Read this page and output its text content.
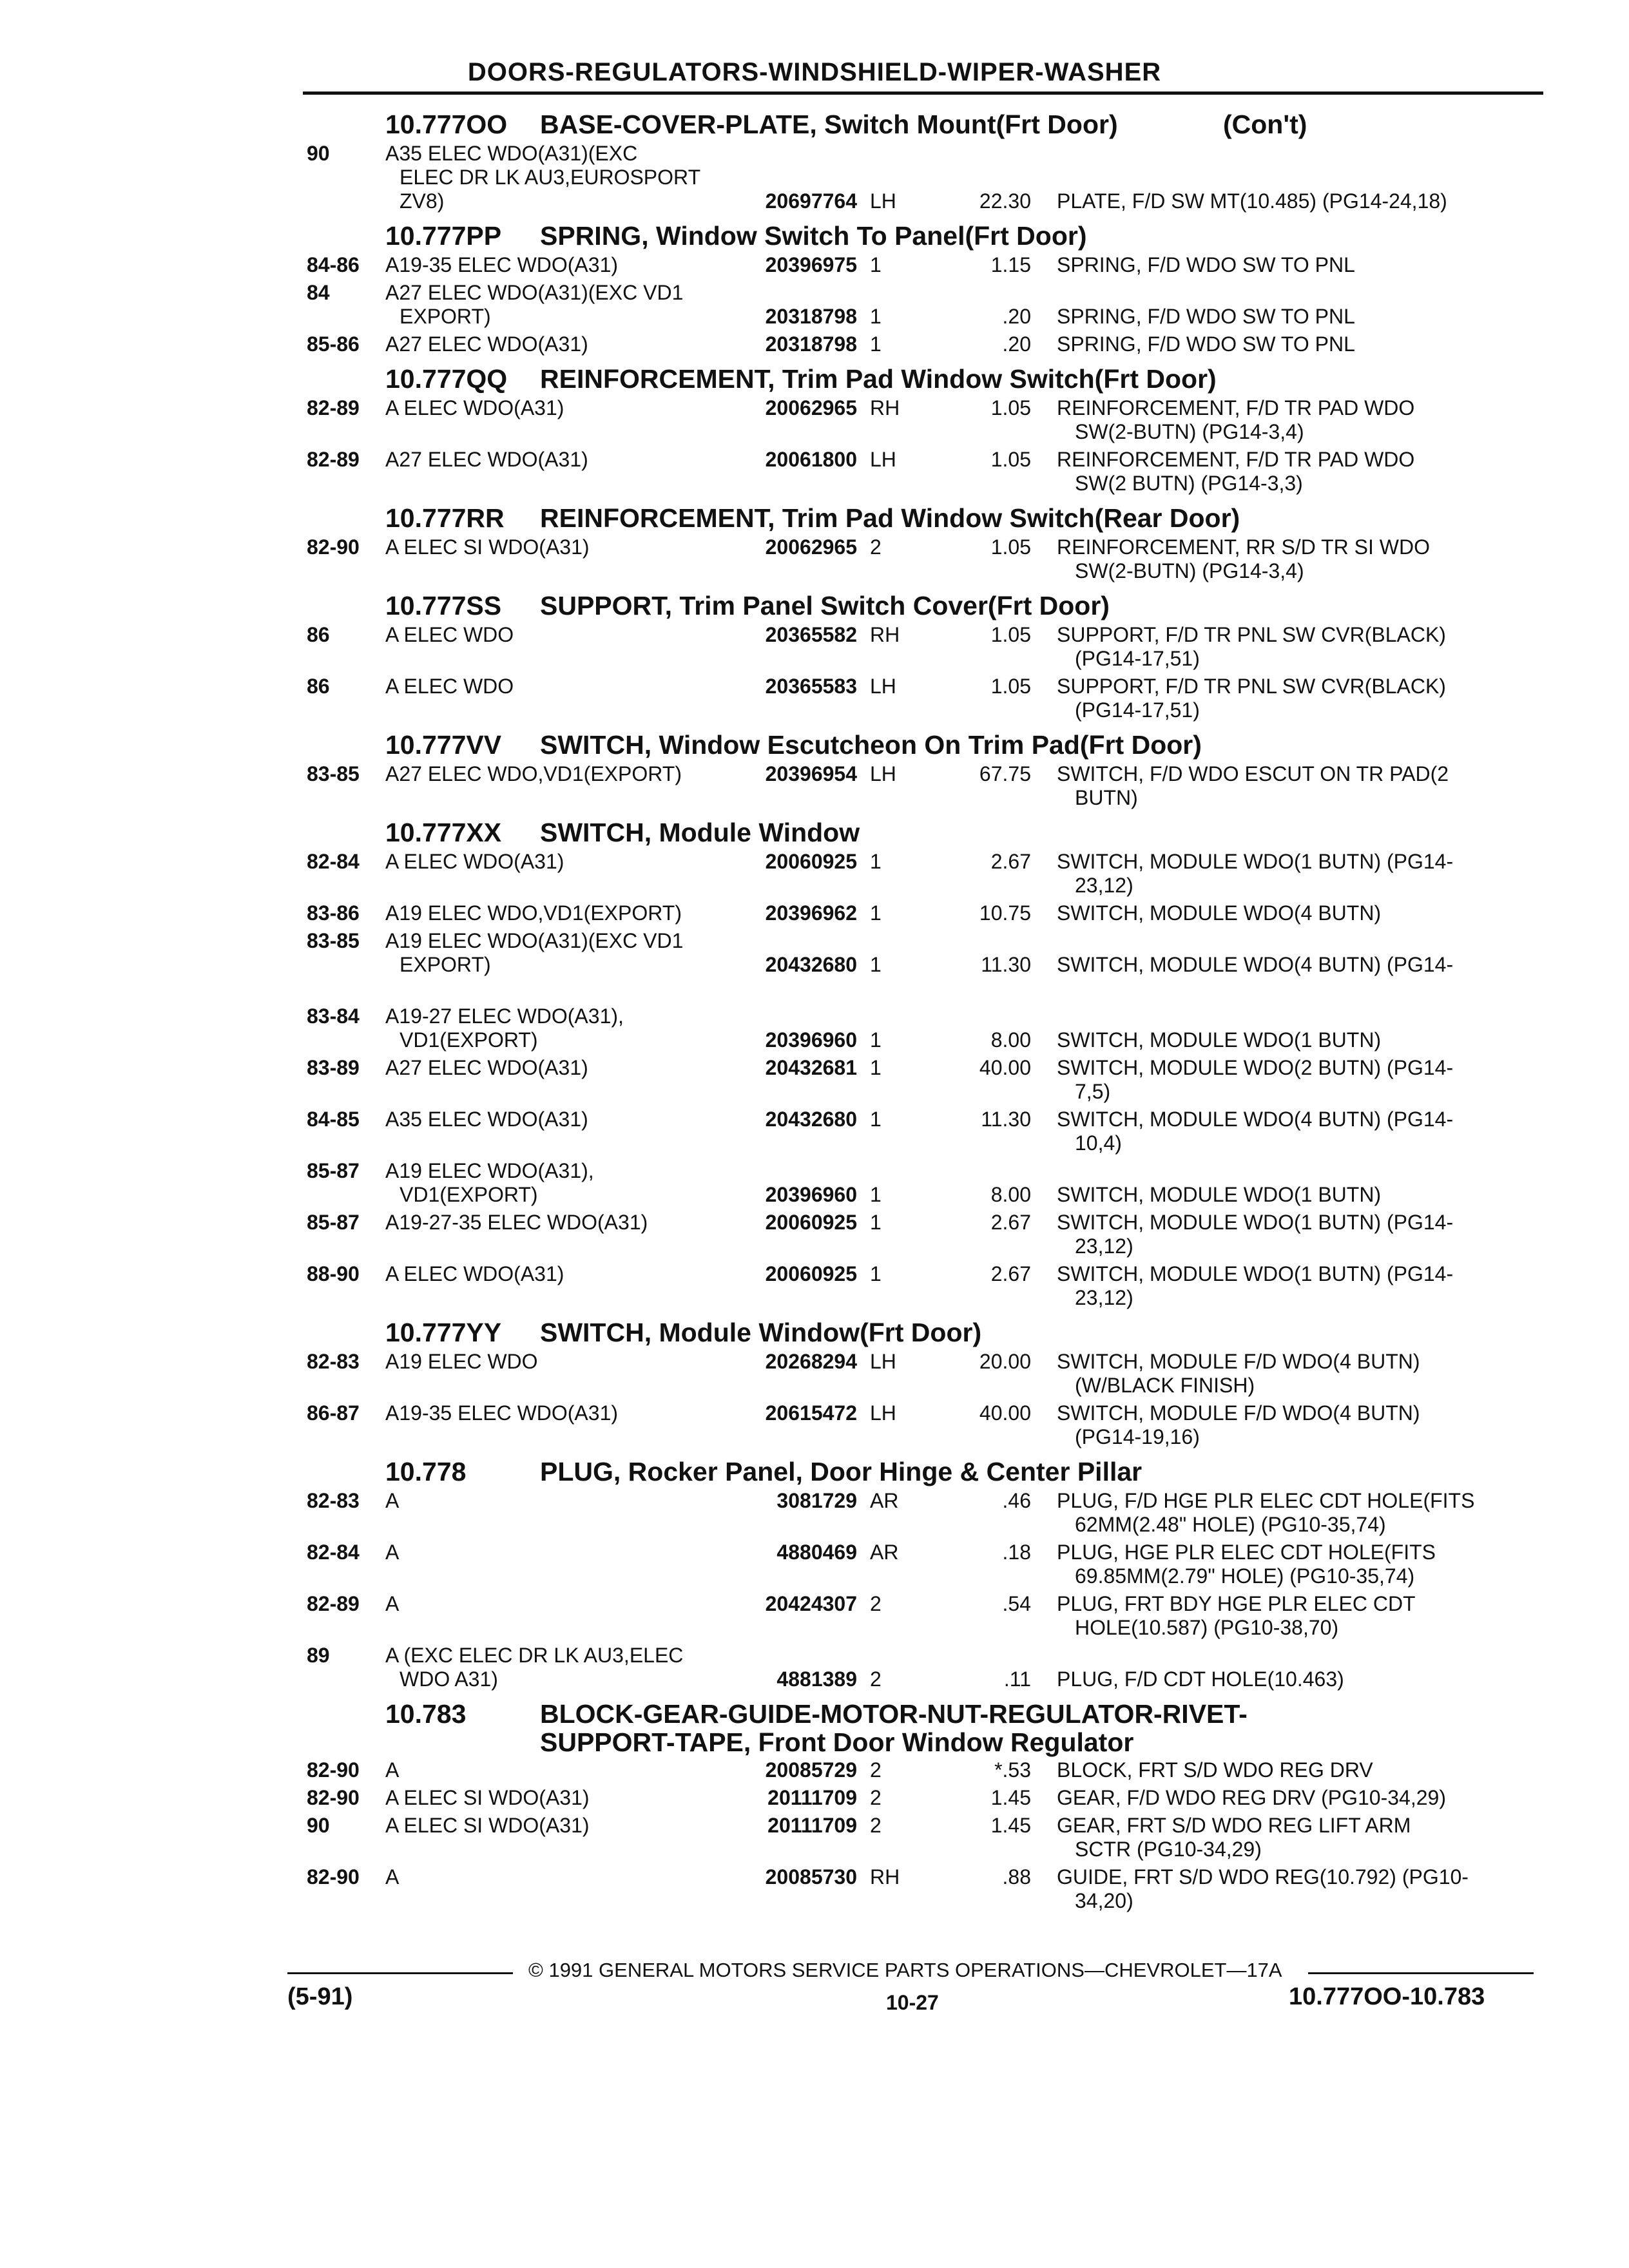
DOORS-REGULATORS-WINDSHIELD-WIPER-WASHER
10.777OO BASE-COVER-PLATE, Switch Mount(Frt Door)	(Con't)
90	A35 ELEC WDO(A31)(EXC
ELEC DR LK AU3,EUROSPORT
ZV8)	20697764 LH	22.30 PLATE, F/D SW MT(10.485) (PG14-24,18)
10.777PP SPRING, Window Switch To Panel(Frt Door)
84-86 A19-35 ELEC WDO(A31)	20396975 1	1.15 SPRING, F/D WDO SW TO PNL
84	A27 ELEC WDO(A31)(EXC VD1
EXPORT)	20318798 1	.20 SPRING, F/D WDO SW TO PNL
85-86 A27 ELEC WDO(A31)	20318798 1	.20 SPRING, F/D WDO SW TO PNL
10.777QQ REINFORCEMENT, Trim Pad Window Switch(Frt Door)
82-89 A ELEC WDO(A31)	20062965 RH	1.05 REINFORCEMENT, F/D TR PAD WDO
SW(2-BUTN) (PG14-3,4)
82-89 A27 ELEC WDO(A31)	20061800 LH	1.05 REINFORCEMENT, F/D TR PAD WDO
SW(2 BUTN) (PG14-3,3)
10.777RR REINFORCEMENT, Trim Pad Window Switch(Rear Door)
82-90 A ELEC SI WDO(A31)	20062965 2	1.05 REINFORCEMENT, RR S/D TR SI WDO
SW(2-BUTN) (PG14-3,4)
10.777SS SUPPORT, Trim Panel Switch Cover(Frt Door)
86	A ELEC WDO	20365582 RH	1.05 SUPPORT, F/D TR PNL SW CVR(BLACK)
(PG14-17,51)
86	A ELEC WDO	20365583 LH	1.05 SUPPORT, F/D TR PNL SW CVR(BLACK)
(PG14-17,51)
10.777VV SWITCH, Window Escutcheon On Trim Pad(Frt Door)
83-85 A27 ELEC WDO,VD1(EXPORT)	20396954 LH	67.75 SWITCH, F/D WDO ESCUT ON TR PAD(2
BUTN)
10.777XX SWITCH, Module Window
82-84 A ELEC WDO(A31)	20060925 1	2.67 SWITCH, MODULE WDO(1 BUTN) (PG14-
23,12)
83-86 A19 ELEC WDO,VD1(EXPORT)	20396962 1	10.75 SWITCH, MODULE WDO(4 BUTN)
83-85 A19 ELEC WDO(A31)(EXC VD1
EXPORT)	20432680 1	11.30 SWITCH, MODULE WDO(4 BUTN) (PG14-
83-84 A19-27 ELEC WDO(A31),
VD1(EXPORT)	20396960 1	8.00 SWITCH, MODULE WDO(1 BUTN)
83-89 A27 ELEC WDO(A31)	20432681 1	40.00 SWITCH, MODULE WDO(2 BUTN) (PG14-
7,5)
84-85 A35 ELEC WDO(A31)	20432680 1	11.30 SWITCH, MODULE WDO(4 BUTN) (PG14-
10,4)
85-87 A19 ELEC WDO(A31),
VD1(EXPORT)	20396960 1	8.00 SWITCH, MODULE WDO(1 BUTN)
85-87 A19-27-35 ELEC WDO(A31)	20060925 1	2.67 SWITCH, MODULE WDO(1 BUTN) (PG14-
23,12)
88-90 A ELEC WDO(A31)	20060925 1	2.67 SWITCH, MODULE WDO(1 BUTN) (PG14-
23,12)
10.777YY SWITCH, Module Window(Frt Door)
82-83 A19 ELEC WDO	20268294 LH	20.00 SWITCH, MODULE F/D WDO(4 BUTN)
(W/BLACK FINISH)
86-87 A19-35 ELEC WDO(A31)	20615472 LH	40.00 SWITCH, MODULE F/D WDO(4 BUTN)
(PG14-19,16)
10.778	PLUG, Rocker Panel, Door Hinge & Center Pillar
82-83 A	3081729 AR	.46 PLUG, F/D HGE PLR ELEC CDT HOLE(FITS
62MM(2.48" HOLE) (PG10-35,74)
82-84 A	4880469 AR	.18 PLUG, HGE PLR ELEC CDT HOLE(FITS
69.85MM(2.79" HOLE) (PG10-35,74)
82-89 A	20424307 2	.54 PLUG, FRT BDY HGE PLR ELEC CDT
HOLE(10.587) (PG10-38,70)
89	A (EXC ELEC DR LK AU3,ELEC
WDO A31)	4881389 2	.11 PLUG, F/D CDT HOLE(10.463)
10.783	BLOCK-GEAR-GUIDE-MOTOR-NUT-REGULATOR-RIVET-
SUPPORT-TAPE, Front Door Window Regulator
82-90 A	20085729 2	*.53 BLOCK, FRT S/D WDO REG DRV
82-90 A ELEC SI WDO(A31)	20111709 2	1.45 GEAR, F/D WDO REG DRV (PG10-34,29)
90	A ELEC SI WDO(A31)	20111709 2	1.45 GEAR, FRT S/D WDO REG LIFT ARM
SCTR (PG10-34,29)
82-90 A	20085730 RH	.88 GUIDE, FRT S/D WDO REG(10.792) (PG10-
34,20)
© 1991 GENERAL MOTORS SERVICE PARTS OPERATIONS—CHEVROLET—17A
(5-91)	10-27	10.777OO-10.783
